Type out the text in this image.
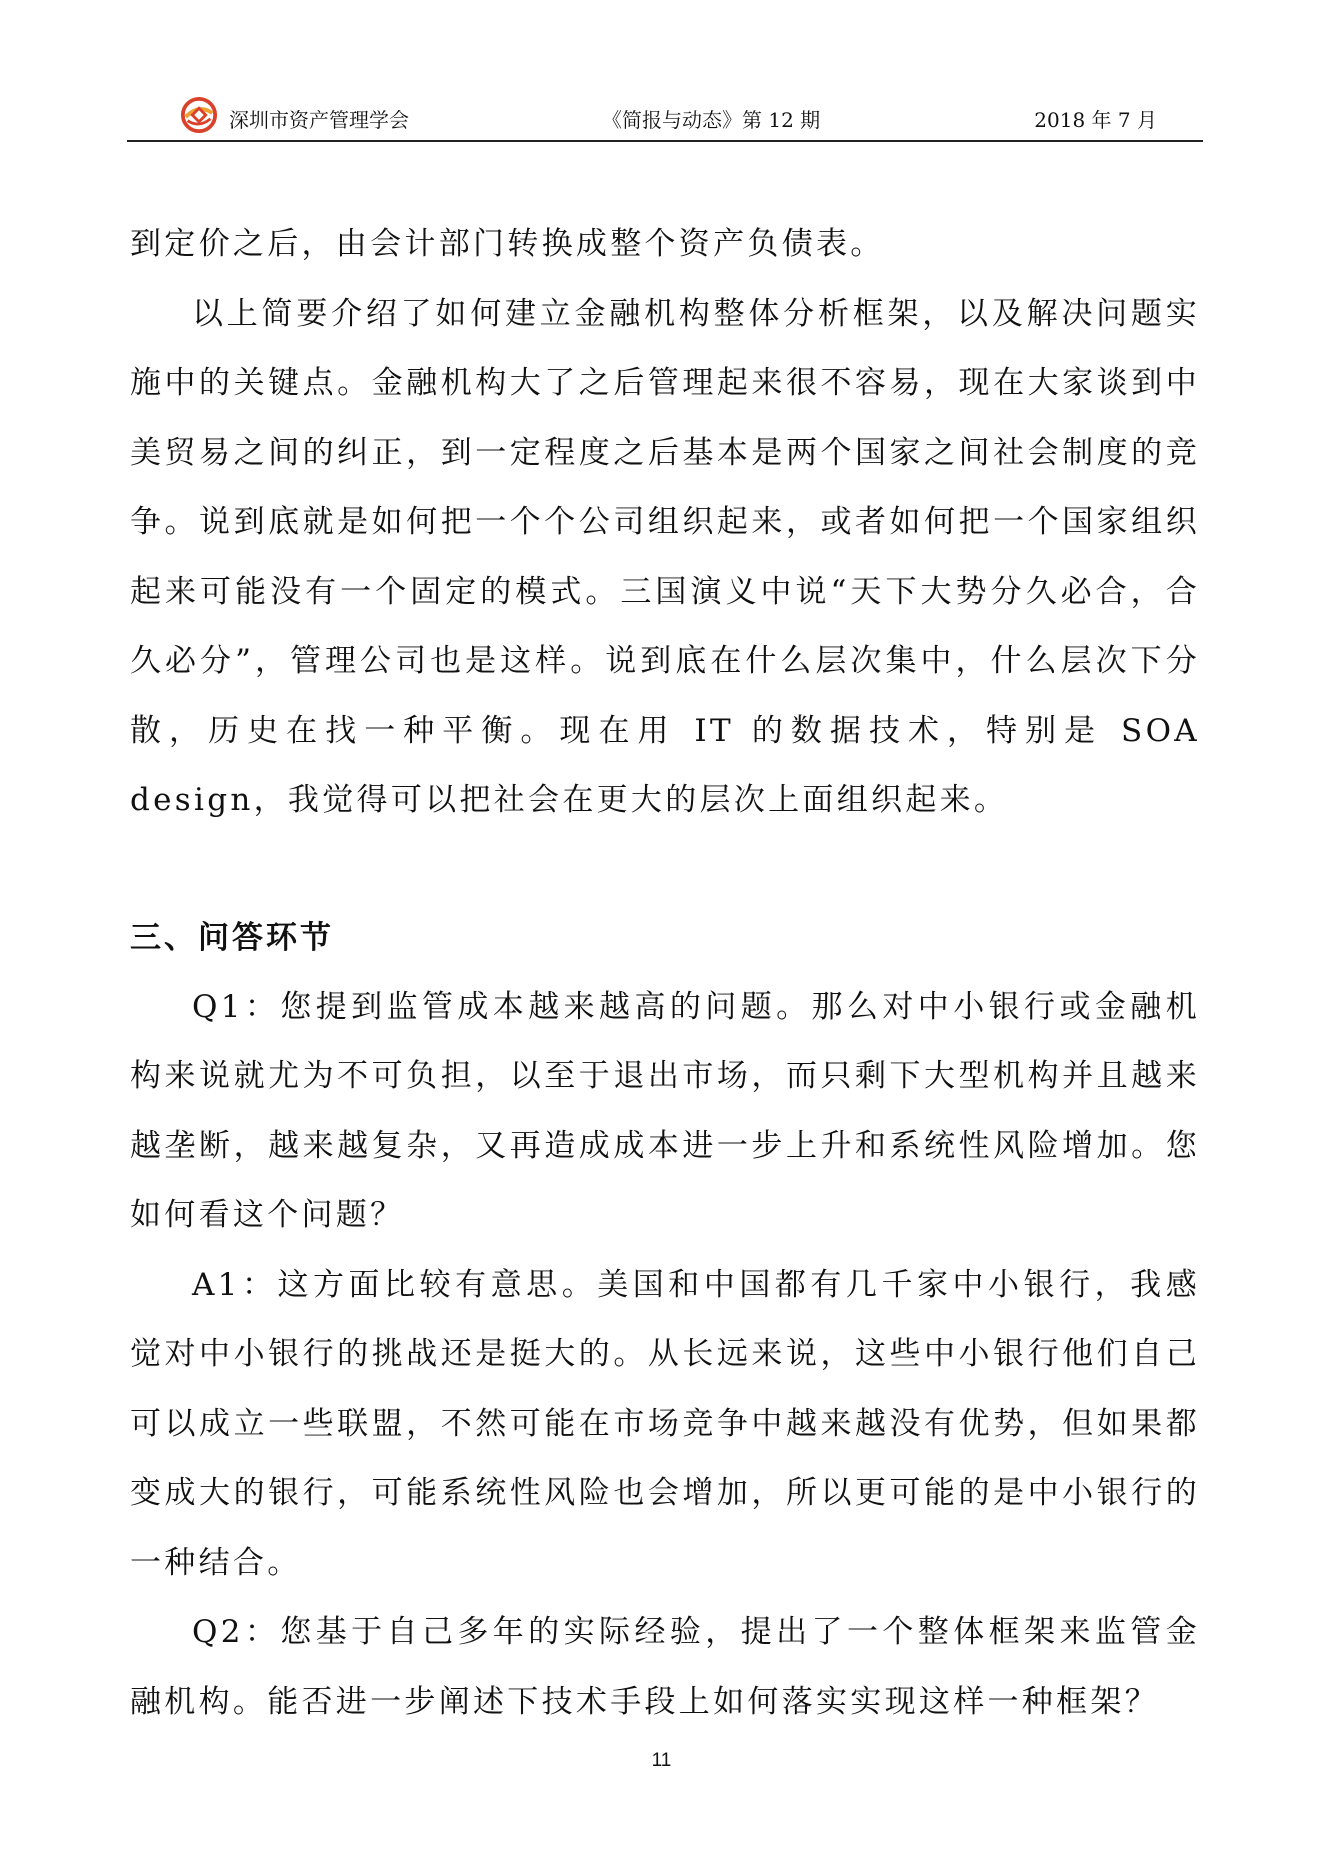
深圳市资产管理学会	《简报与动态》第 12 期	2018 年 7 月

到定价之后，由会计部门转换成整个资产负债表。

以上简要介绍了如何建立金融机构整体分析框架，以及解决问题实施中的关键点。金融机构大了之后管理起来很不容易，现在大家谈到中美贸易之间的纠正，到一定程度之后基本是两个国家之间社会制度的竞争。说到底就是如何把一个个公司组织起来，或者如何把一个国家组织起来可能没有一个固定的模式。三国演义中说“天下大势分久必合，合久必分”，管理公司也是这样。说到底在什么层次集中，什么层次下分散，历史在找一种平衡。现在用 IT 的数据技术，特别是 SOA design，我觉得可以把社会在更大的层次上面组织起来。

三、问答环节

Q1：您提到监管成本越来越高的问题。那么对中小银行或金融机构来说就尤为不可负担，以至于退出市场，而只剩下大型机构并且越来越垄断，越来越复杂，又再造成成本进一步上升和系统性风险增加。您如何看这个问题？

A1：这方面比较有意思。美国和中国都有几千家中小银行，我感觉对中小银行的挑战还是挺大的。从长远来说，这些中小银行他们自己可以成立一些联盟，不然可能在市场竞争中越来越没有优势，但如果都变成大的银行，可能系统性风险也会增加，所以更可能的是中小银行的一种结合。

Q2：您基于自己多年的实际经验，提出了一个整体框架来监管金融机构。能否进一步阐述下技术手段上如何落实实现这样一种框架？

11
